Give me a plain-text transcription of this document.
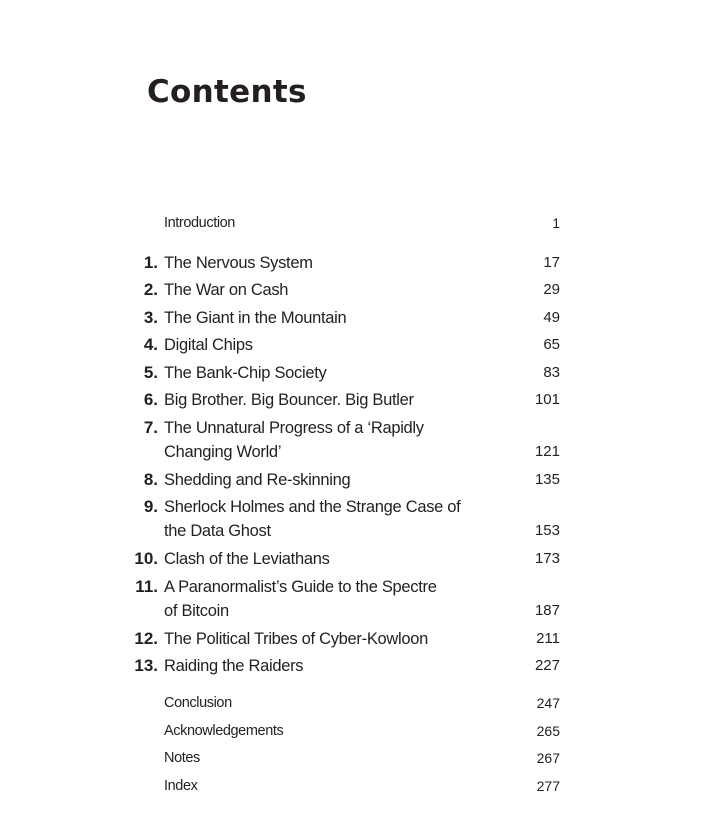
Contents
Introduction	1
1. The Nervous System	17
2. The War on Cash	29
3. The Giant in the Mountain	49
4. Digital Chips	65
5. The Bank-Chip Society	83
6. Big Brother. Big Bouncer. Big Butler	101
7. The Unnatural Progress of a ‘Rapidly
Changing World’	121
8. Shedding and Re-skinning	135
9. Sherlock Holmes and the Strange Case of
the Data Ghost	153
10. Clash of the Leviathans	173
11. A Paranormalist’s Guide to the Spectre
of Bitcoin	187
12. The Political Tribes of Cyber-Kowloon	211
13. Raiding the Raiders	227
Conclusion	247
Acknowledgements	265
Notes	267
Index	277
